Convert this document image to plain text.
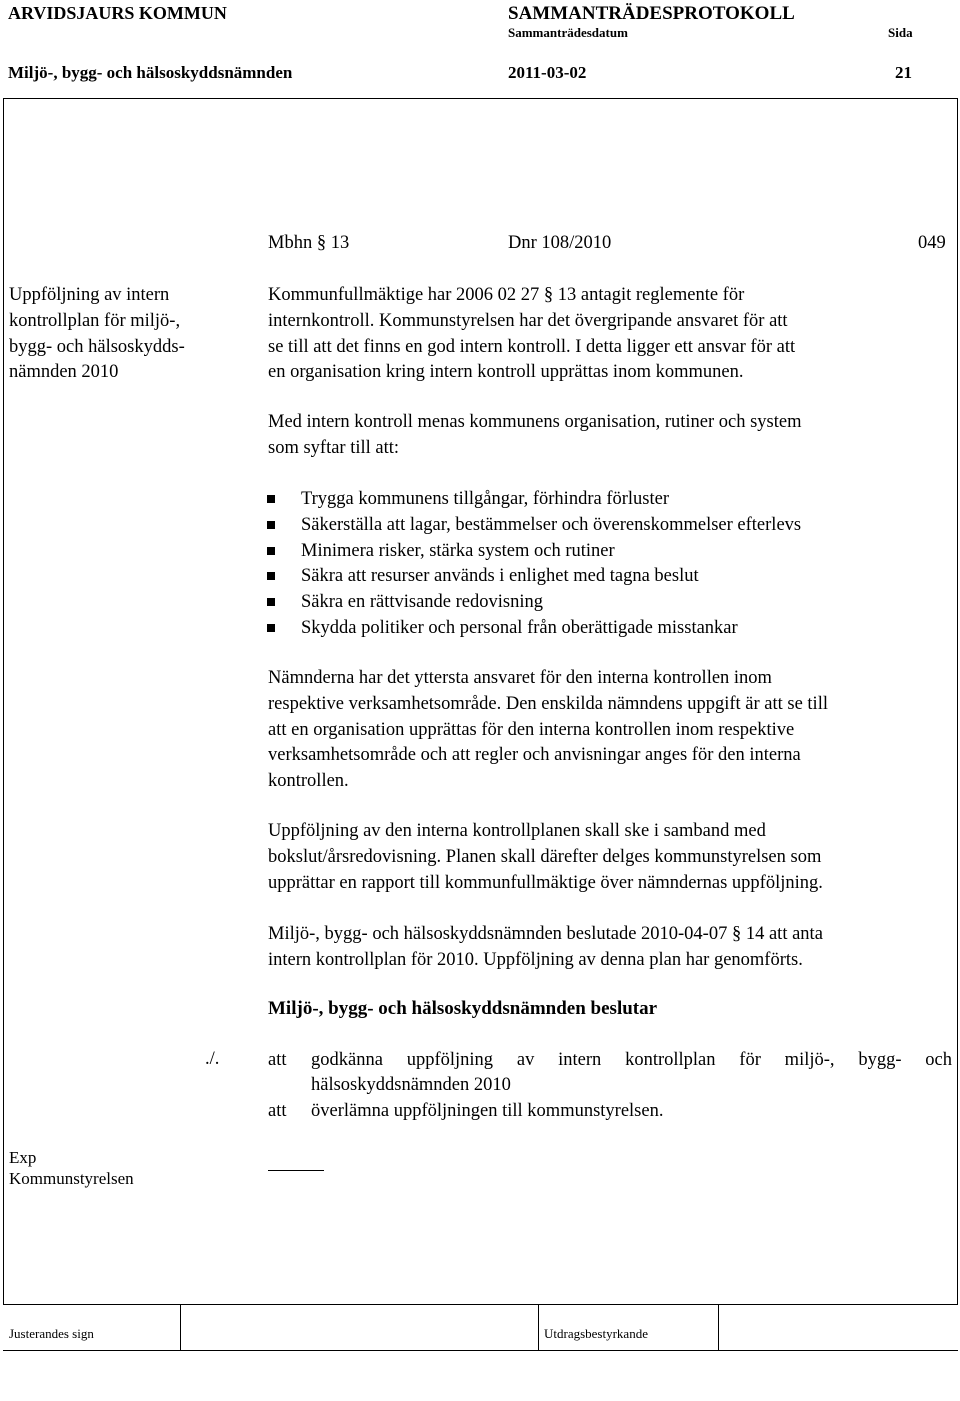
ARVIDSJAURS KOMMUN	SAMMANTRÄDESPROTOKOLL
Sammanträdesdatum	Sida
Miljö-, bygg- och hälsoskyddsnämnden	2011-03-02	21
Mbhn § 13	Dnr 108/2010	049
Uppföljning av intern
kontrollplan för miljö-,
bygg- och hälsoskydds-
nämnden 2010
Kommunfullmäktige har 2006 02 27 § 13 antagit reglemente för
internkontroll. Kommunstyrelsen har det övergripande ansvaret för att
se till att det finns en god intern kontroll. I detta ligger ett ansvar för att
en organisation kring intern kontroll upprättas inom kommunen.
Med intern kontroll menas kommunens organisation, rutiner och system
som syftar till att:
Trygga kommunens tillgångar, förhindra förluster
Säkerställa att lagar, bestämmelser och överenskommelser efterlevs
Minimera risker, stärka system och rutiner
Säkra att resurser används i enlighet med tagna beslut
Säkra en rättvisande redovisning
Skydda politiker och personal från oberättigade misstankar
Nämnderna har det yttersta ansvaret för den interna kontrollen inom
respektive verksamhetsområde. Den enskilda nämndens uppgift är att se till
att en organisation upprättas för den interna kontrollen inom respektive
verksamhetsområde och att regler och anvisningar anges för den interna
kontrollen.
Uppföljning av den interna kontrollplanen skall ske i samband med
bokslut/årsredovisning. Planen skall därefter delges kommunstyrelsen som
upprättar en rapport till kommunfullmäktige över nämndernas uppföljning.
Miljö-, bygg- och hälsoskyddsnämnden beslutade 2010-04-07 § 14 att anta
intern kontrollplan för 2010. Uppföljning av denna plan har genomförts.
Miljö-, bygg- och hälsoskyddsnämnden beslutar
./.	att godkänna uppföljning av intern kontrollplan för miljö-, bygg- och
hälsoskyddsnämnden 2010
att överlämna uppföljningen till kommunstyrelsen.
Exp
Kommunstyrelsen
Justerandes sign	Utdragsbestyrkande
